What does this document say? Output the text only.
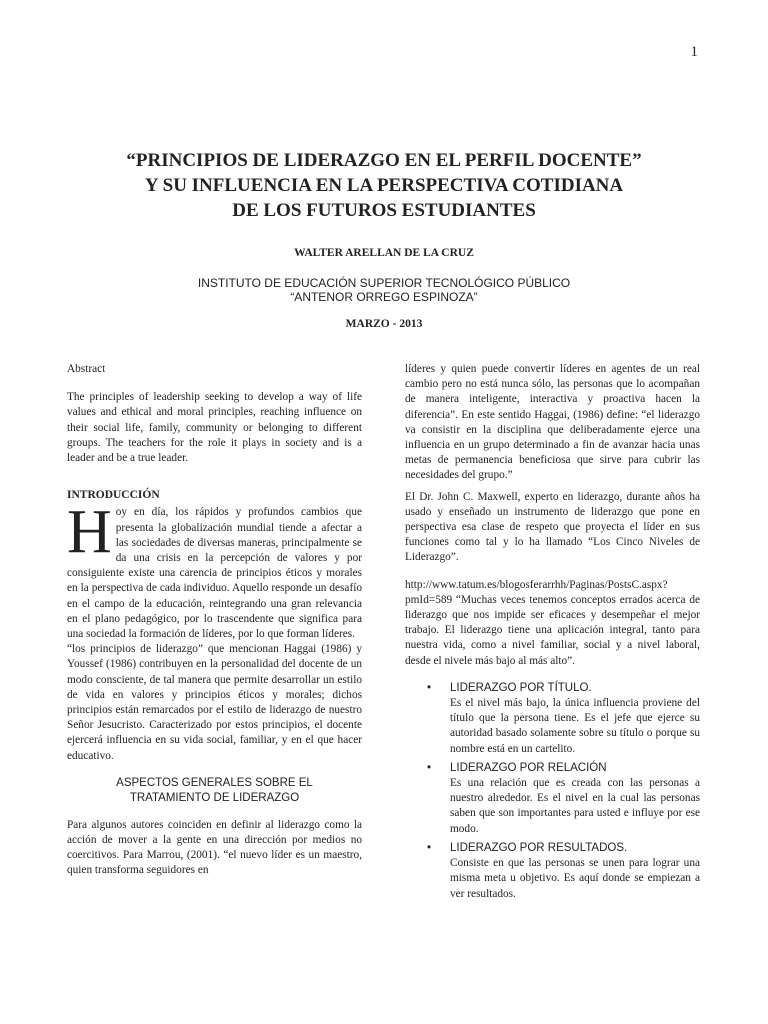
1
“PRINCIPIOS DE LIDERAZGO EN EL PERFIL DOCENTE”
Y SU INFLUENCIA EN LA PERSPECTIVA COTIDIANA
DE LOS FUTUROS ESTUDIANTES
WALTER ARELLAN DE LA CRUZ
INSTITUTO DE EDUCACIÓN SUPERIOR TECNOLÓGICO PÚBLICO
“ANTENOR ORREGO ESPINOZA”
MARZO - 2013

Abstract

The principles of leadership seeking to develop a way of life values and ethical and moral principles, reaching influence on their social life, family, community or belonging to different groups. The teachers for the role it plays in society and is a leader and be a true leader.

INTRODUCCIÓN

Hoy en día, los rápidos y profundos cambios que presenta la globalización mundial tiende a afectar a las sociedades de diversas maneras, principalmente se da una crisis en la percepción de valores y por consiguiente existe una carencia de principios éticos y morales en la perspectiva de cada individuo. Aquello responde un desafío en el campo de la educación, reintegrando una gran relevancia en el plano pedagógico, por lo trascendente que significa para una sociedad la formación de líderes, por lo que forman líderes.

“los principios de liderazgo” que mencionan Haggai (1986) y Youssef (1986) contribuyen en la personalidad del docente de un modo consciente, de tal manera que permite desarrollar un estilo de vida en valores y principios éticos y morales; dichos principios están remarcados por el estilo de liderazgo de nuestro Señor Jesucristo. Caracterizado por estos principios, el docente ejercerá influencia en su vida social, familiar, y en el que hacer educativo.

ASPECTOS GENERALES SOBRE EL
TRATAMIENTO DE LIDERAZGO

Para algunos autores coinciden en definir al liderazgo como la acción de mover a la gente en una dirección por medios no coercitivos. Para Marrou, (2001). “el nuevo líder es un maestro, quien transforma seguidores en

líderes y quien puede convertir líderes en agentes de un real cambio pero no está nunca sólo, las personas que lo acompañan de manera inteligente, interactiva y proactiva hacen la diferencia”. En este sentido Haggai, (1986) define: “el liderazgo va consistir en la disciplina que deliberadamente ejerce una influencia en un grupo determinado a fin de avanzar hacia unas metas de permanencia beneficiosa que sirve para cubrir las necesidades del grupo.”

El Dr. John C. Maxwell, experto en liderazgo, durante años ha usado y enseñado un instrumento de liderazgo que pone en perspectiva esa clase de respeto que proyecta el líder en sus funciones como tal y lo ha llamado “Los Cinco Niveles de Liderazgo”.

http://www.tatum.es/blogosferarrhh/Paginas/PostsC.aspx?pmId=589 “Muchas veces tenemos conceptos errados acerca de liderazgo que nos impide ser eficaces y desempeñar el mejor trabajo. El liderazgo tiene una aplicación integral, tanto para nuestra vida, como a nivel familiar, social y a nivel laboral, desde el nivele más bajo al más alto”.

• LIDERAZGO POR TÍTULO.

Es el nivel más bajo, la única influencia proviene del título que la persona tiene. Es el jefe que ejerce su autoridad basado solamente sobre su título o porque su nombre está en un cartelito.

• LIDERAZGO POR RELACIÓN

Es una relación que es creada con las personas a nuestro alrededor. Es el nivel en la cual las personas saben que son importantes para usted e influye por ese modo.

• LIDERAZGO POR RESULTADOS.

Consiste en que las personas se unen para lograr una misma meta u objetivo. Es aquí donde se empiezan a ver resultados.
